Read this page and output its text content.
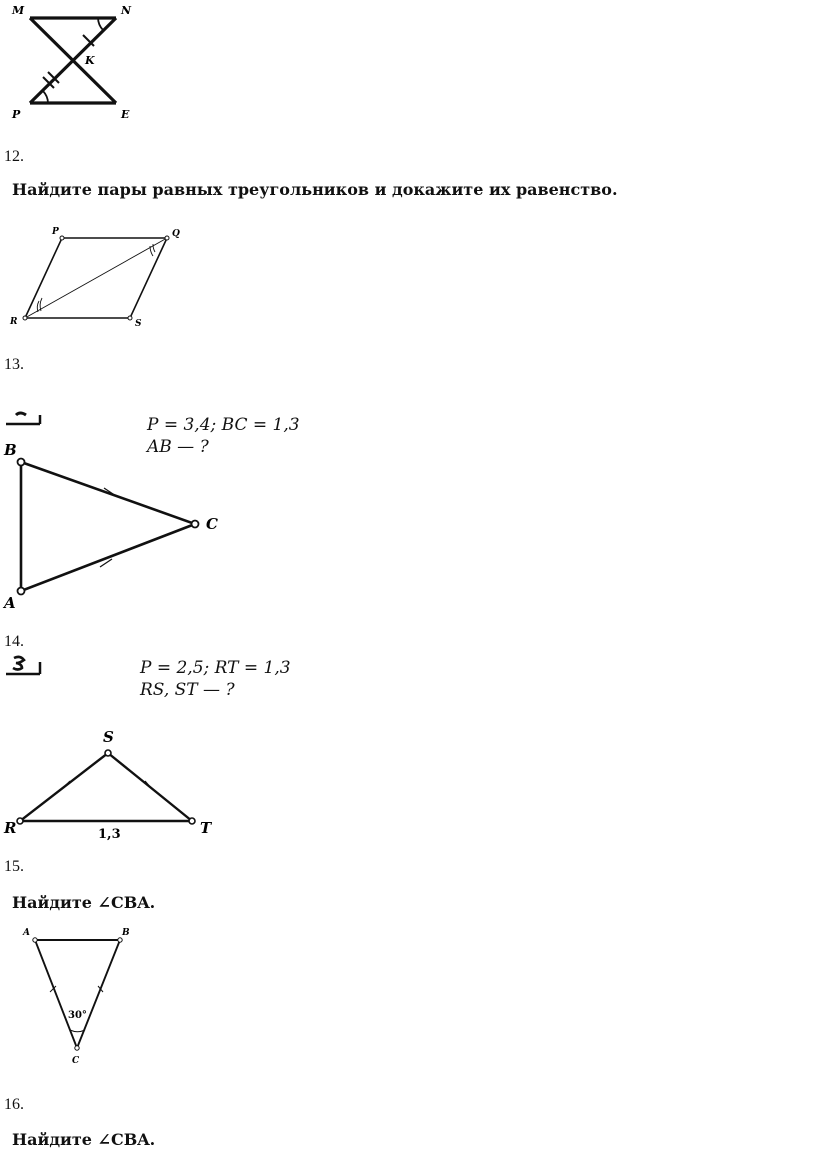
M	N
K
P	E
12.
Найдите пары равных треугольников и докажите их равенство.
P	Q
R	S
13.
P = 3,4; BC = 1,3
AB — ?
B
C
A
14.
P = 2,5; RT = 1,3
RS, ST — ?
S
R	T
1,3
15.
Найдите ∠CBA.
A	B
C
30°
16.
Найдите ∠CBA.
